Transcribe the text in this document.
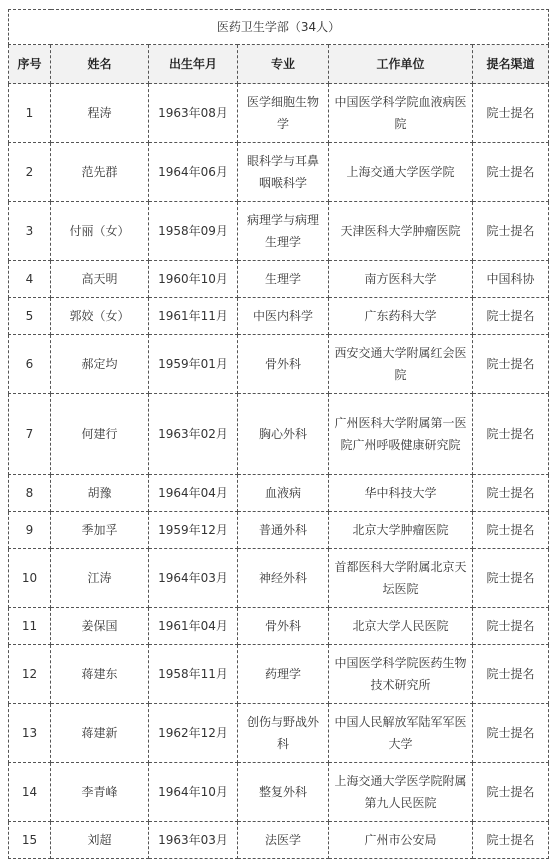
医药卫生学部（34人）					
序号	姓名	出生年月	专业	工作单位	提名渠道
1	程涛	1963年08月	医学细胞生物学	中国医学科学院血液病医院	院士提名
2	范先群	1964年06月	眼科学与耳鼻咽喉科学	上海交通大学医学院	院士提名
3	付丽（女）	1958年09月	病理学与病理生理学	天津医科大学肿瘤医院	院士提名
4	高天明	1960年10月	生理学	南方医科大学	中国科协
5	郭姣（女）	1961年11月	中医内科学	广东药科大学	院士提名
6	郝定均	1959年01月	骨外科	西安交通大学附属红会医院	院士提名
7	何建行	1963年02月	胸心外科	广州医科大学附属第一医院广州呼吸健康研究院	院士提名
8	胡豫	1964年04月	血液病	华中科技大学	院士提名
9	季加孚	1959年12月	普通外科	北京大学肿瘤医院	院士提名
10	江涛	1964年03月	神经外科	首都医科大学附属北京天坛医院	院士提名
11	姜保国	1961年04月	骨外科	北京大学人民医院	院士提名
12	蒋建东	1958年11月	药理学	中国医学科学院医药生物技术研究所	院士提名
13	蒋建新	1962年12月	创伤与野战外科	中国人民解放军陆军军医大学	院士提名
14	李青峰	1964年10月	整复外科	上海交通大学医学院附属第九人民医院	院士提名
15	刘超	1963年03月	法医学	广州市公安局	院士提名
